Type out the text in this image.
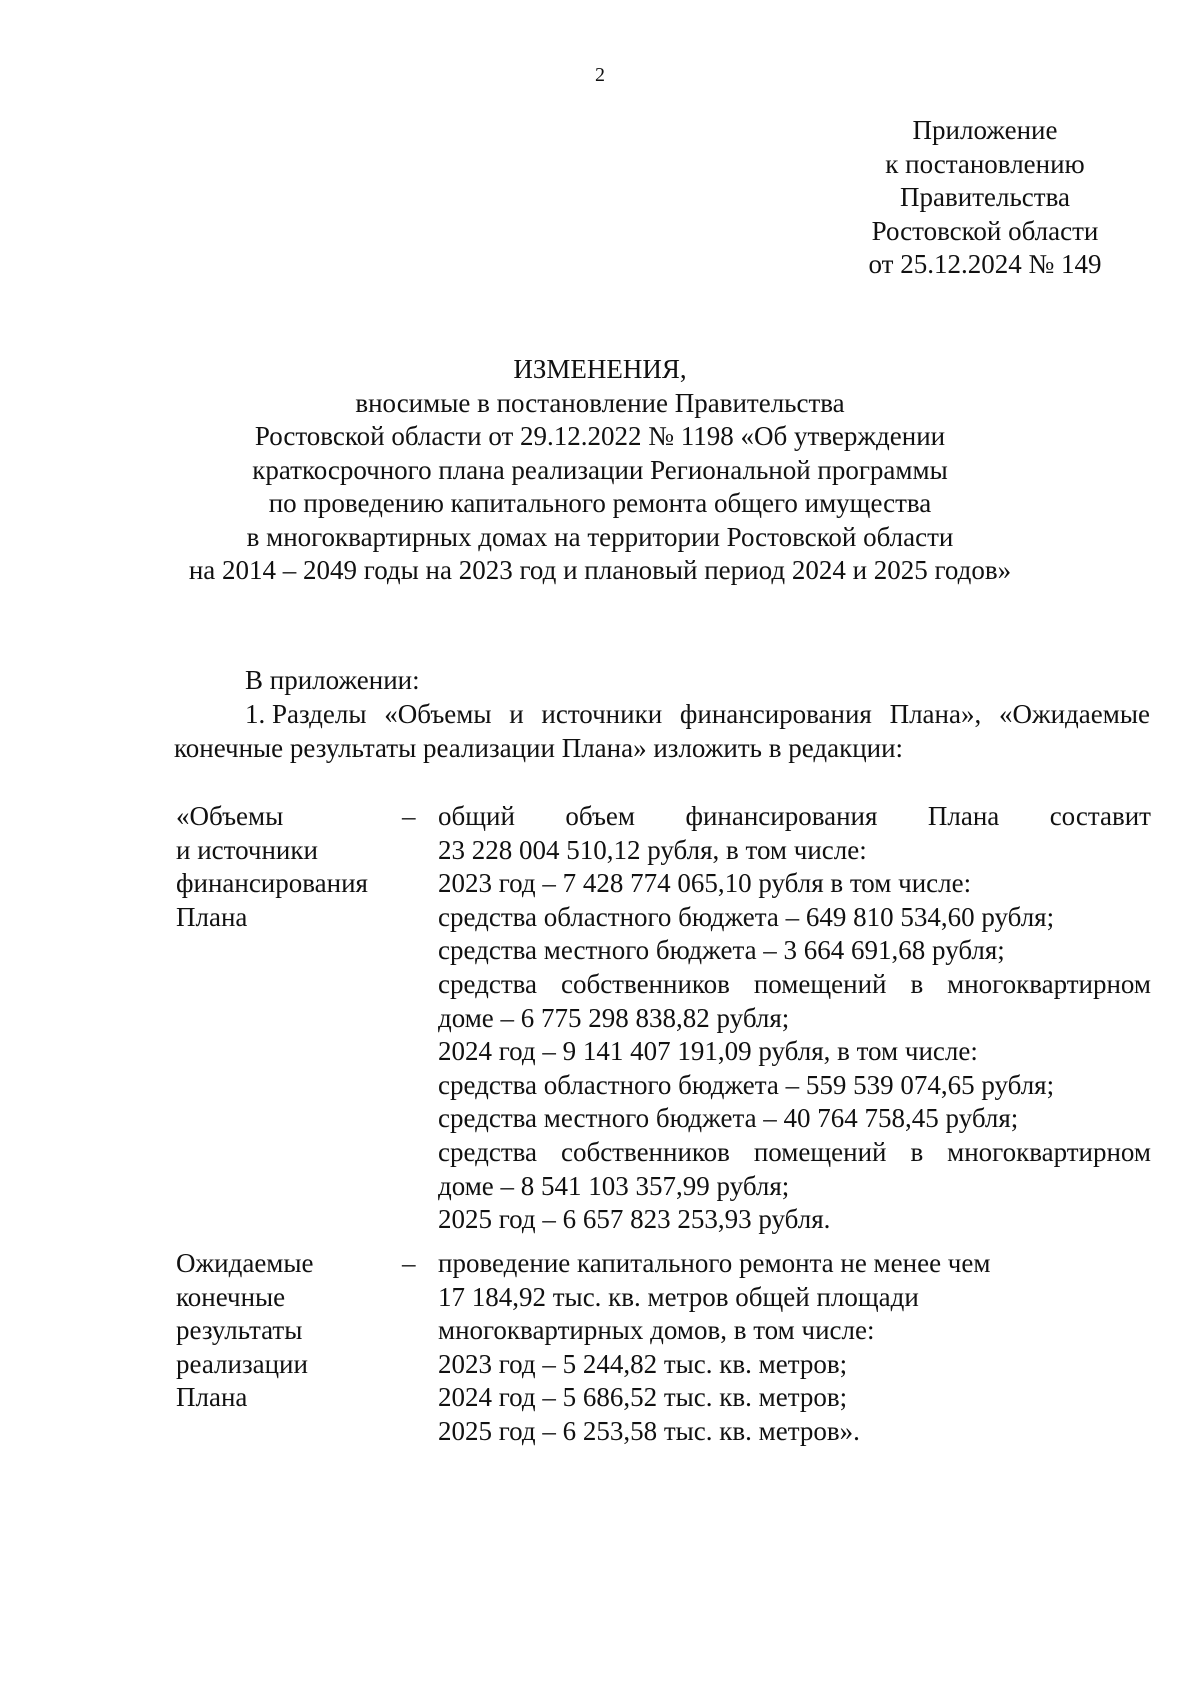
2
Приложение
к постановлению
Правительства
Ростовской области
от 25.12.2024 № 149
ИЗМЕНЕНИЯ,
вносимые в постановление Правительства
Ростовской области от 29.12.2022 № 1198 «Об утверждении
краткосрочного плана реализации Региональной программы
по проведению капитального ремонта общего имущества
в многоквартирных домах на территории Ростовской области
на 2014 – 2049 годы на 2023 год и плановый период 2024 и 2025 годов»
В приложении:
1. Разделы «Объемы и источники финансирования Плана», «Ожидаемые
конечные результаты реализации Плана» изложить в редакции:
«Объемы
и источники
финансирования
Плана
– общий объем финансирования Плана составит
23 228 004 510,12 рубля, в том числе:
2023 год – 7 428 774 065,10 рубля в том числе:
средства областного бюджета – 649 810 534,60 рубля;
средства местного бюджета – 3 664 691,68 рубля;
средства собственников помещений в многоквартирном
доме – 6 775 298 838,82 рубля;
2024 год – 9 141 407 191,09 рубля, в том числе:
средства областного бюджета – 559 539 074,65 рубля;
средства местного бюджета – 40 764 758,45 рубля;
средства собственников помещений в многоквартирном
доме – 8 541 103 357,99 рубля;
2025 год – 6 657 823 253,93 рубля.
Ожидаемые
конечные
результаты
реализации
Плана
– проведение капитального ремонта не менее чем
17 184,92 тыс. кв. метров общей площади
многоквартирных домов, в том числе:
2023 год – 5 244,82 тыс. кв. метров;
2024 год – 5 686,52 тыс. кв. метров;
2025 год – 6 253,58 тыс. кв. метров».
